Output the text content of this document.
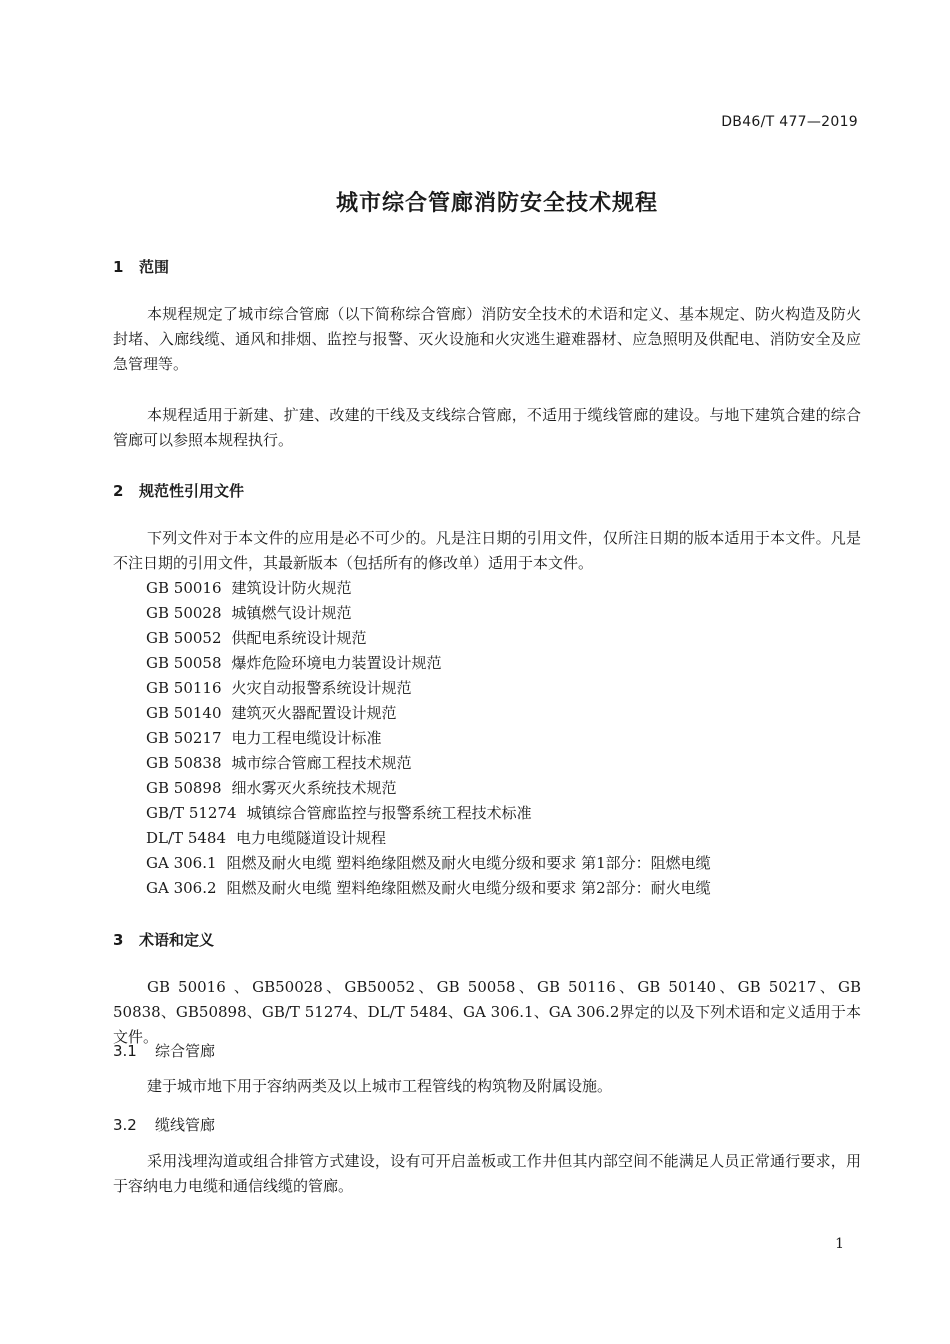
DB46/T 477—2019
城市综合管廊消防安全技术规程
1 范围
本规程规定了城市综合管廊（以下简称综合管廊）消防安全技术的术语和定义、基本规定、防火构造及防火封堵、入廊线缆、通风和排烟、监控与报警、灭火设施和火灾逃生避难器材、应急照明及供配电、消防安全及应急管理等。
本规程适用于新建、扩建、改建的干线及支线综合管廊，不适用于缆线管廊的建设。与地下建筑合建的综合管廊可以参照本规程执行。
2 规范性引用文件
下列文件对于本文件的应用是必不可少的。凡是注日期的引用文件，仅所注日期的版本适用于本文件。凡是不注日期的引用文件，其最新版本（包括所有的修改单）适用于本文件。
GB 50016 建筑设计防火规范
GB 50028 城镇燃气设计规范
GB 50052 供配电系统设计规范
GB 50058 爆炸危险环境电力装置设计规范
GB 50116 火灾自动报警系统设计规范
GB 50140 建筑灭火器配置设计规范
GB 50217 电力工程电缆设计标准
GB 50838 城市综合管廊工程技术规范
GB 50898 细水雾灭火系统技术规范
GB/T 51274 城镇综合管廊监控与报警系统工程技术标准
DL/T 5484 电力电缆隧道设计规程
GA 306.1 阻燃及耐火电缆 塑料绝缘阻燃及耐火电缆分级和要求 第1部分：阻燃电缆
GA 306.2 阻燃及耐火电缆 塑料绝缘阻燃及耐火电缆分级和要求 第2部分：耐火电缆
3 术语和定义
GB 50016 、GB50028、GB50052、GB 50058、GB 50116、GB 50140、GB 50217、GB 50838、GB50898、GB/T 51274、DL/T 5484、GA 306.1、GA 306.2界定的以及下列术语和定义适用于本文件。
3.1 综合管廊
建于城市地下用于容纳两类及以上城市工程管线的构筑物及附属设施。
3.2 缆线管廊
采用浅埋沟道或组合排管方式建设，设有可开启盖板或工作井但其内部空间不能满足人员正常通行要求，用于容纳电力电缆和通信线缆的管廊。
1
